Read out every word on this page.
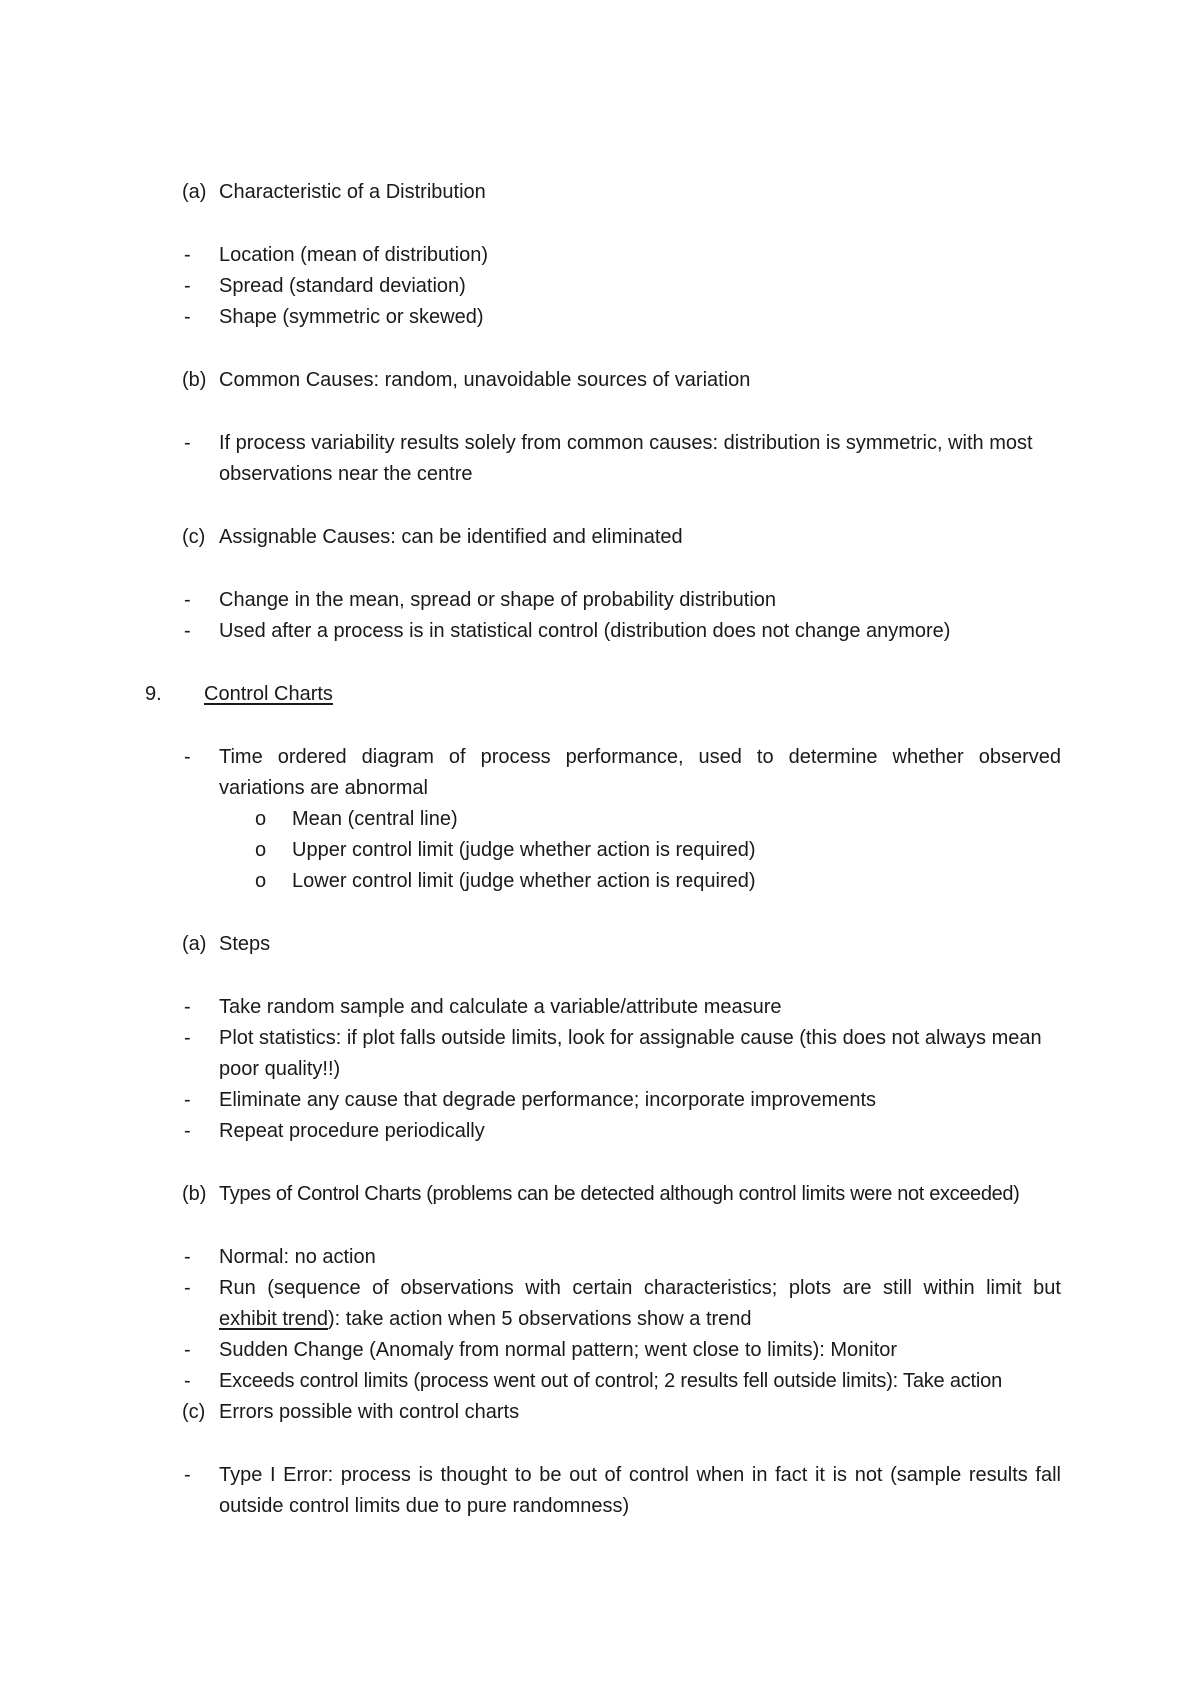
(a) Characteristic of a Distribution
- Location (mean of distribution)
- Spread (standard deviation)
- Shape (symmetric or skewed)
(b) Common Causes: random, unavoidable sources of variation
- If process variability results solely from common causes: distribution is symmetric, with most
observations near the centre
(c) Assignable Causes: can be identified and eliminated
- Change in the mean, spread or shape of probability distribution
- Used after a process is in statistical control (distribution does not change anymore)
9. Control Charts
- Time ordered diagram of process performance, used to determine whether observed
variations are abnormal
o Mean (central line)
o Upper control limit (judge whether action is required)
o Lower control limit (judge whether action is required)
(a) Steps
- Take random sample and calculate a variable/attribute measure
- Plot statistics: if plot falls outside limits, look for assignable cause (this does not always mean
poor quality!!)
- Eliminate any cause that degrade performance; incorporate improvements
- Repeat procedure periodically
(b) Types of Control Charts (problems can be detected although control limits were not exceeded)
- Normal: no action
- Run (sequence of observations with certain characteristics; plots are still within limit but
exhibit trend): take action when 5 observations show a trend
- Sudden Change (Anomaly from normal pattern; went close to limits): Monitor
- Exceeds control limits (process went out of control; 2 results fell outside limits): Take action
(c) Errors possible with control charts
- Type I Error: process is thought to be out of control when in fact it is not (sample results fall
outside control limits due to pure randomness)
